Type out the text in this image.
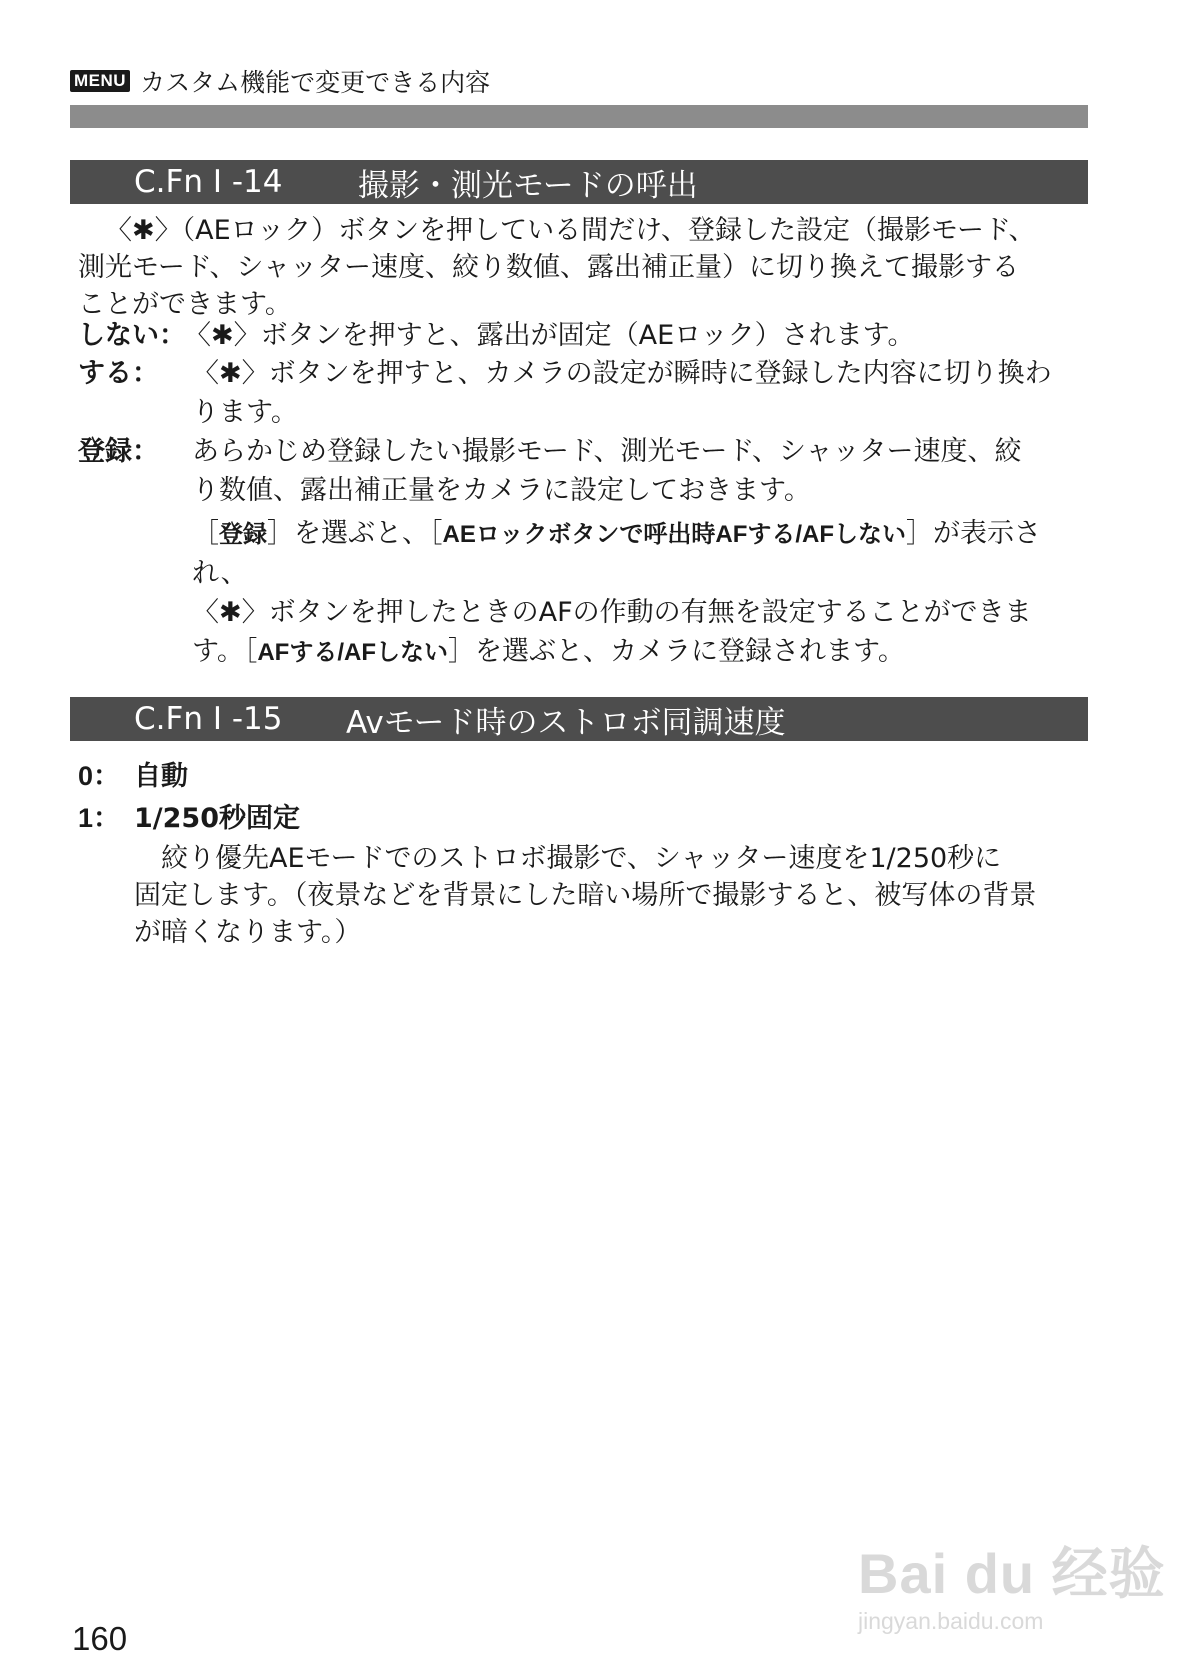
MENU カスタム機能で変更できる内容
C.Fn I -14	撮影・測光モードの呼出
〈✱〉（AEロック）ボタンを押している間だけ、登録した設定（撮影モード、
測光モード、シャッター速度、絞り数値、露出補正量）に切り換えて撮影する
ことができます。
しない：
〈✱〉ボタンを押すと、露出が固定（AEロック）されます。
する： 〈✱〉ボタンを押すと、カメラの設定が瞬時に登録した内容に切り換わ
ります。
登録： あらかじめ登録したい撮影モード、測光モード、シャッター速度、絞
り数値、露出補正量をカメラに設定しておきます。
［登録］を選ぶと、［AEロックボタンで呼出時AFする/AFしない］が表示され、
〈✱〉ボタンを押したときのAFの作動の有無を設定することができま
す。［AFする/AFしない］を選ぶと、カメラに登録されます。
C.Fn I -15	Avモード時のストロボ同調速度
0： 自動
1： 1/250秒固定
絞り優先AEモードでのストロボ撮影で、シャッター速度を1/250秒に
固定します。（夜景などを背景にした暗い場所で撮影すると、被写体の背景
が暗くなります。）
160
Bai du 经验
jingyan.baidu.com
